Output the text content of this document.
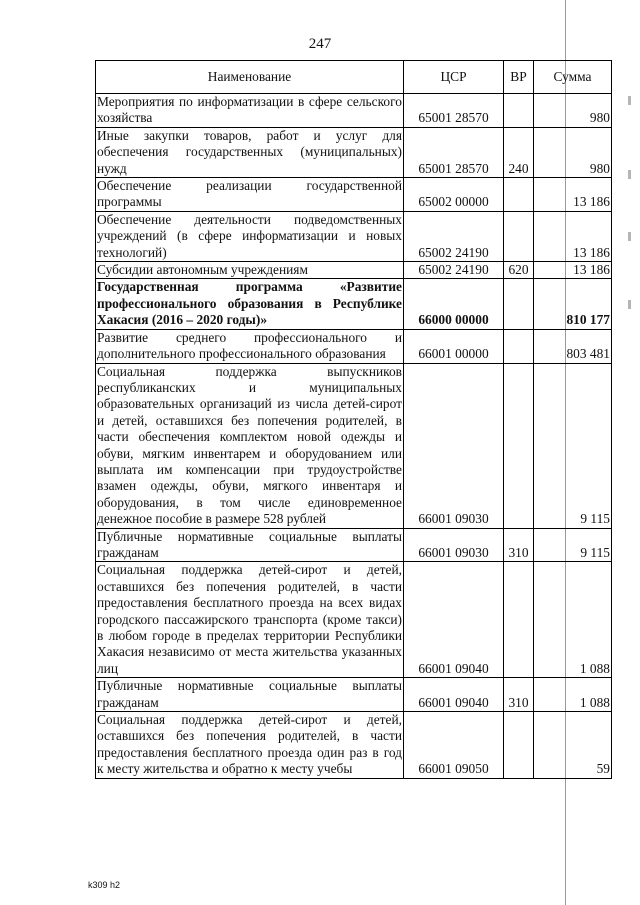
247
Наименование	ЦСР	ВР	Сумма
Мероприятия по информатизации в сфере сельского хозяйства	65001 28570		980
Иные закупки товаров, работ и услуг для обеспечения государственных (муниципальных) нужд	65001 28570	240	980
Обеспечение реализации государственной программы	65002 00000		13 186
Обеспечение деятельности подведомственных учреждений (в сфере информатизации и новых технологий)	65002 24190		13 186
Субсидии автономным учреждениям	65002 24190	620	13 186
Государственная программа «Развитие профессионального образования в Республике Хакасия (2016 – 2020 годы)»	66000 00000		810 177
Развитие среднего профессионального и дополнительного профессионального образования	66001 00000		803 481
Социальная поддержка выпускников республиканских и муниципальных образовательных организаций из числа детей-сирот и детей, оставшихся без попечения родителей, в части обеспечения комплектом новой одежды и обуви, мягким инвентарем и оборудованием или выплата им компенсации при трудоустройстве взамен одежды, обуви, мягкого инвентаря и оборудования, в том числе единовременное денежное пособие в размере 528 рублей	66001 09030		9 115
Публичные нормативные социальные выплаты гражданам	66001 09030	310	9 115
Социальная поддержка детей-сирот и детей, оставшихся без попечения родителей, в части предоставления бесплатного проезда на всех видах городского пассажирского транспорта (кроме такси) в любом городе в пределах территории Республики Хакасия независимо от места жительства указанных лиц	66001 09040		1 088
Публичные нормативные социальные выплаты гражданам	66001 09040	310	1 088
Социальная поддержка детей-сирот и детей, оставшихся без попечения родителей, в части предоставления бесплатного проезда один раз в год к месту жительства и обратно к месту учебы	66001 09050		59
k309 h2
